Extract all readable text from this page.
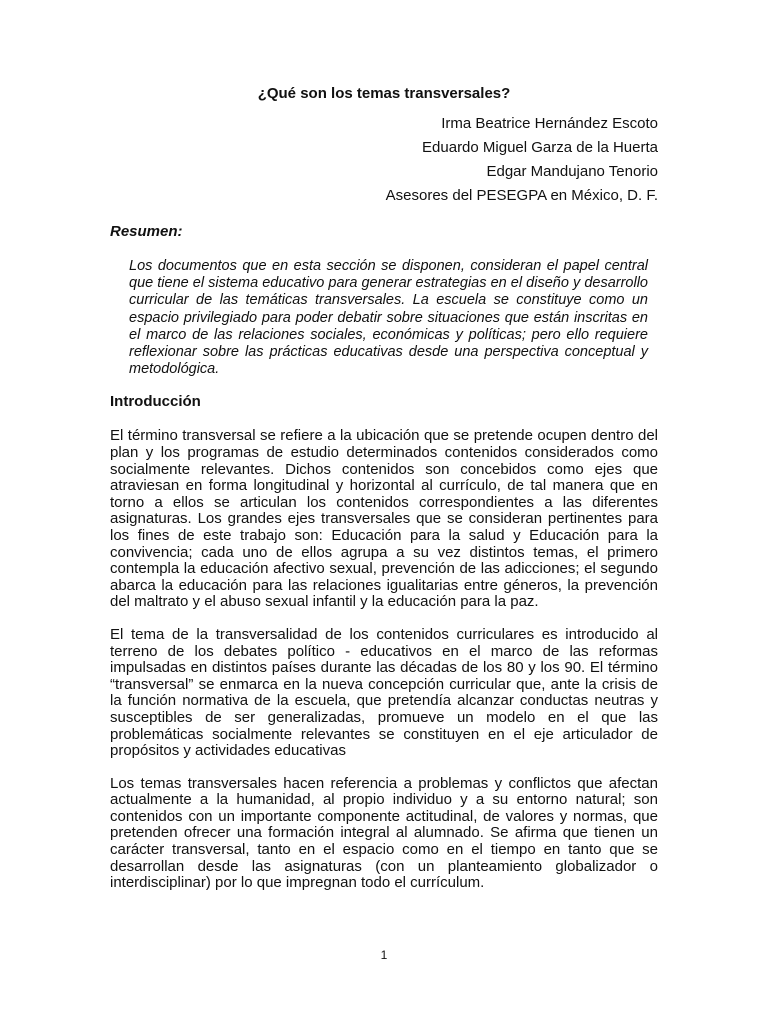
¿Qué son los temas transversales?
Irma Beatrice Hernández Escoto
Eduardo Miguel Garza de la Huerta
Edgar Mandujano Tenorio
Asesores del PESEGPA en México, D. F.
Resumen:
Los documentos que en esta sección se disponen, consideran el papel central que tiene el sistema educativo para generar estrategias en el diseño y desarrollo curricular de las temáticas transversales. La escuela se constituye como un espacio privilegiado para poder debatir sobre situaciones que están inscritas en el marco de las relaciones sociales, económicas y políticas; pero ello requiere reflexionar sobre las prácticas educativas desde una perspectiva conceptual y metodológica.
Introducción

El término transversal se refiere a la ubicación que se pretende ocupen dentro del plan y los programas de estudio determinados contenidos considerados como socialmente relevantes. Dichos contenidos son concebidos como ejes que atraviesan en forma longitudinal y horizontal al currículo, de tal manera que en torno a ellos se articulan los contenidos correspondientes a las diferentes asignaturas. Los grandes ejes transversales que se consideran pertinentes para los fines de este trabajo son: Educación para la salud y Educación para la convivencia; cada uno de ellos agrupa a su vez distintos temas, el primero contempla la educación afectivo sexual, prevención de las adicciones; el segundo abarca la educación para las relaciones igualitarias entre géneros, la prevención del maltrato y el abuso sexual infantil y la educación para la paz.

El tema de la transversalidad de los contenidos curriculares es introducido al terreno de los debates político - educativos en el marco de las reformas impulsadas en distintos países durante las décadas de los 80 y los 90. El término “transversal” se enmarca en la nueva concepción curricular que, ante la crisis de la función normativa de la escuela, que pretendía alcanzar conductas neutras y susceptibles de ser generalizadas, promueve un modelo en el que las problemáticas socialmente relevantes se constituyen en el eje articulador de propósitos y actividades educativas

Los temas transversales hacen referencia a problemas y conflictos que afectan actualmente a la humanidad, al propio individuo y a su entorno natural; son contenidos con un importante componente actitudinal, de valores y normas, que pretenden ofrecer una formación integral al alumnado. Se afirma que tienen un carácter transversal, tanto en el espacio como en el tiempo en tanto que se desarrollan desde las asignaturas (con un planteamiento globalizador o interdisciplinar) por lo que impregnan todo el currículum.

1
